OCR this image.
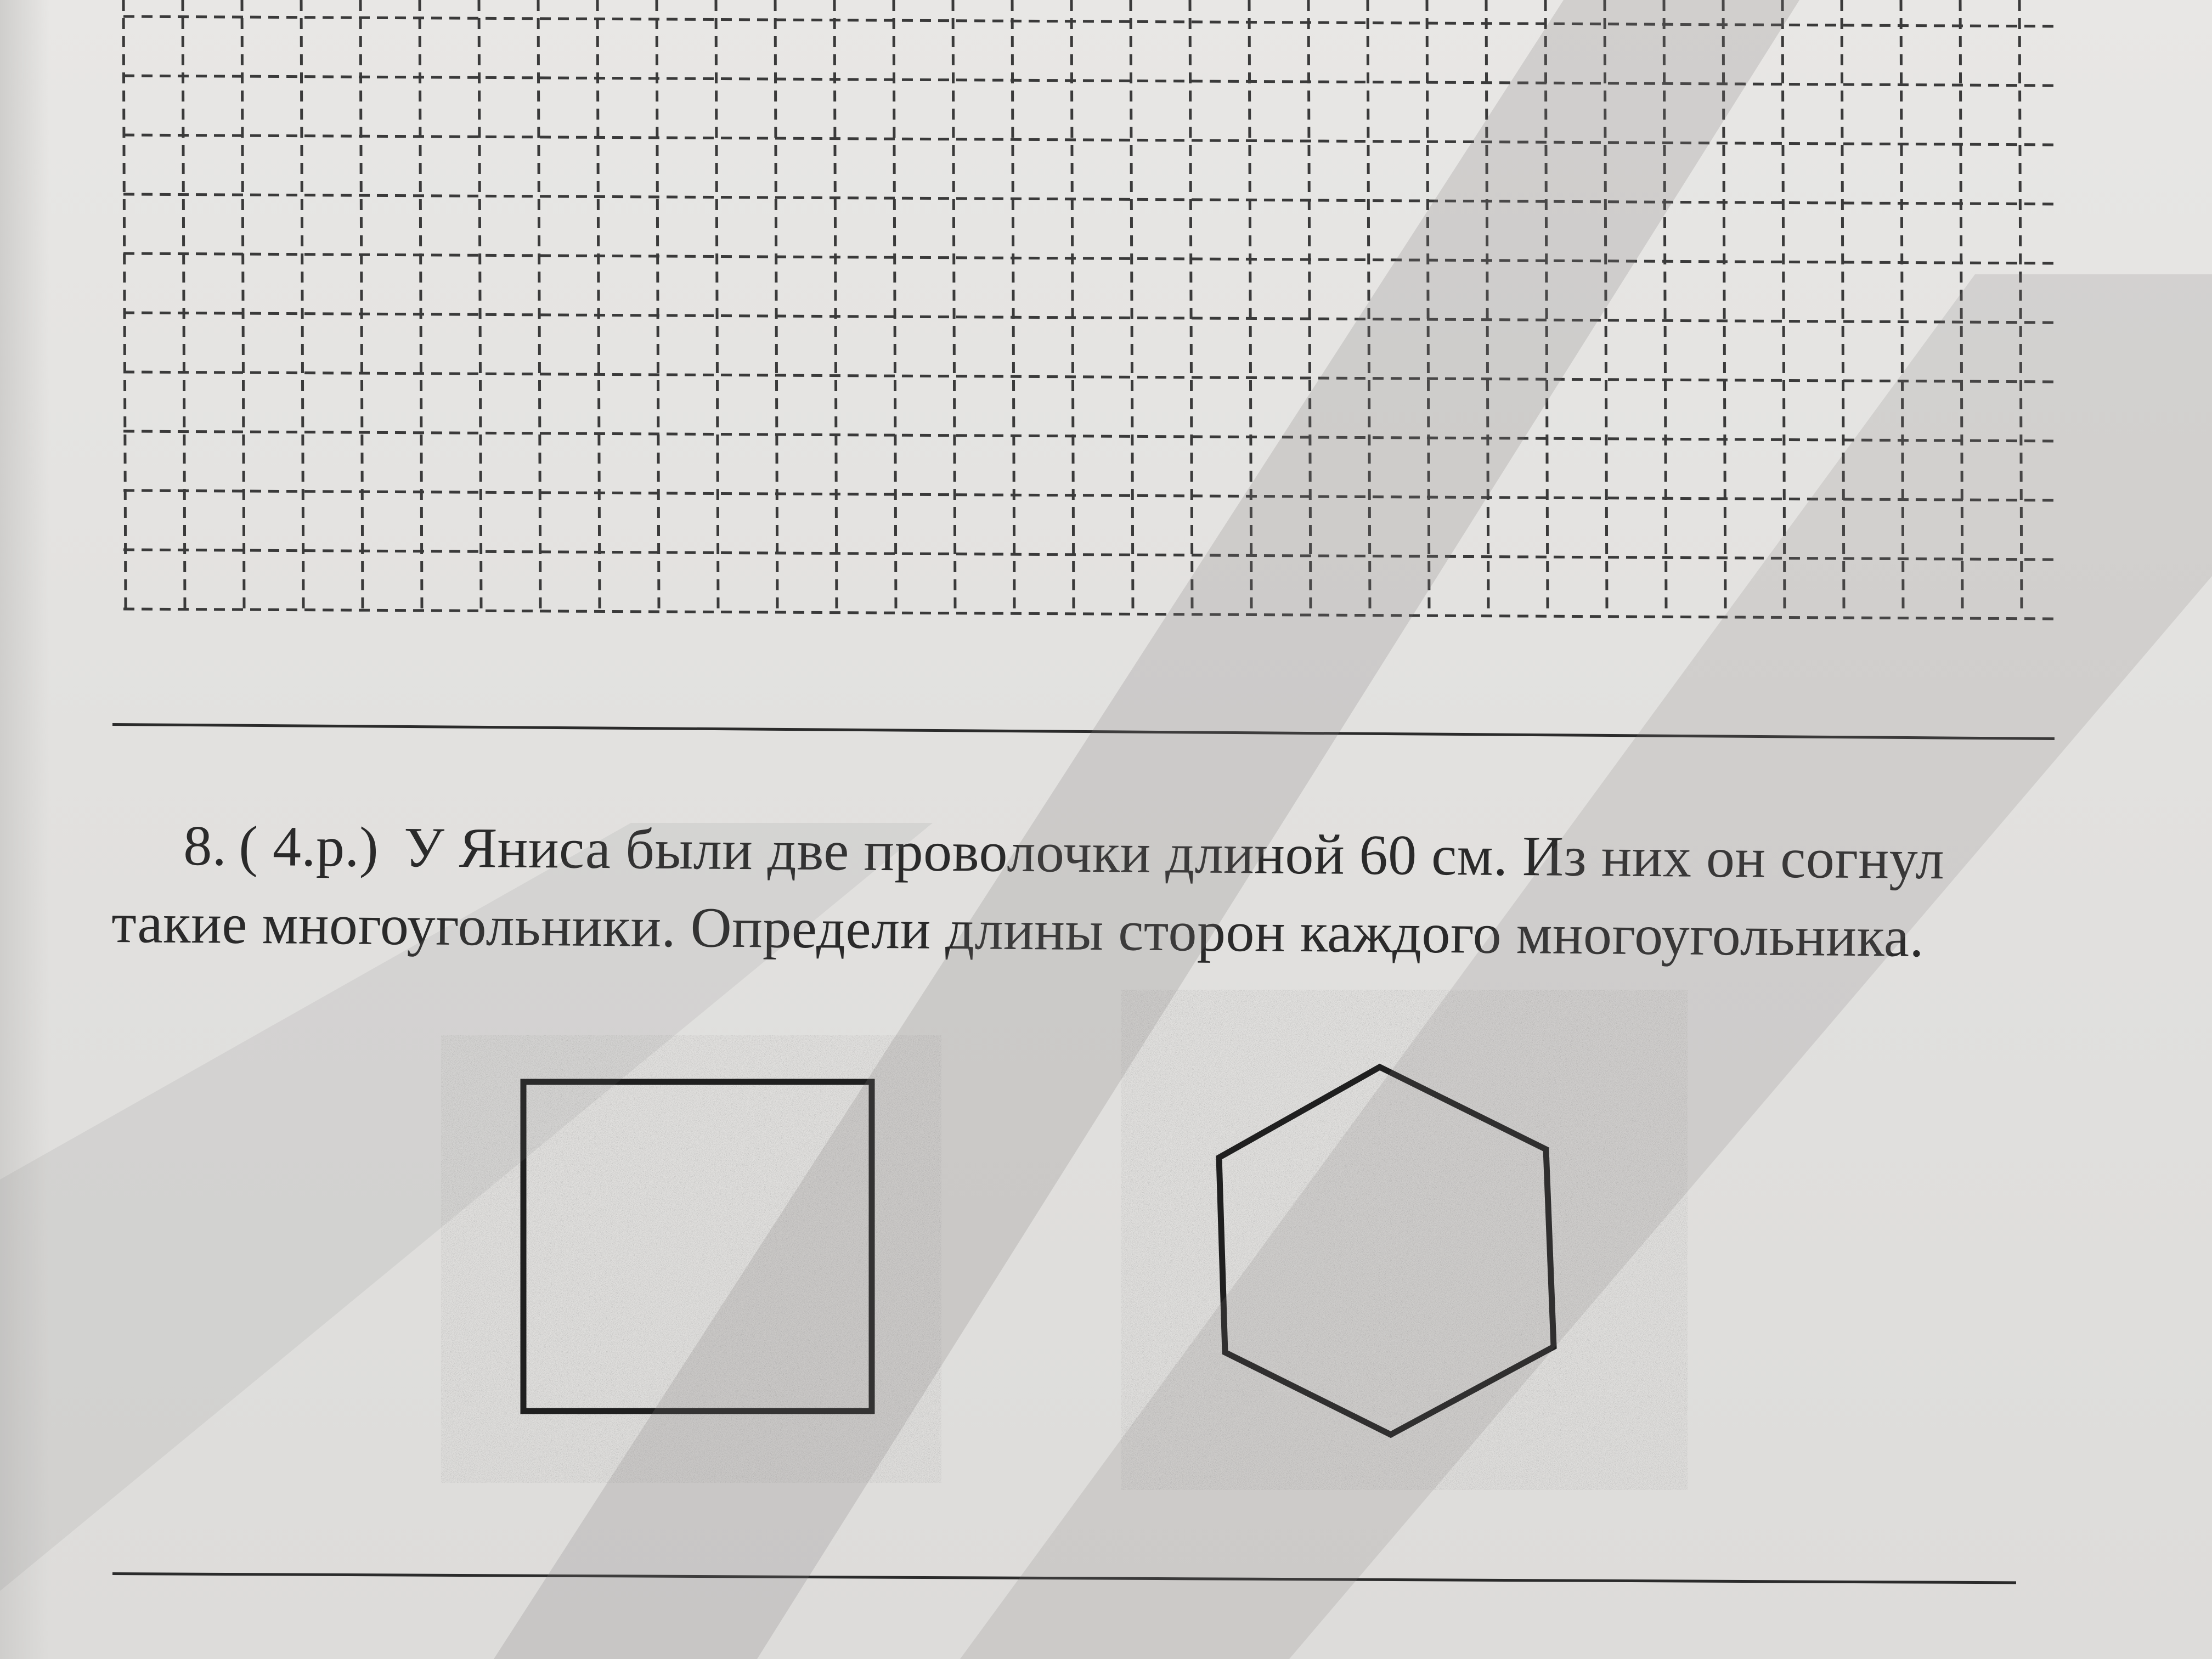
8. ( 4.р.) У Яниса были две проволочки длиной 60 см. Из них он согнул
такие многоугольники. Определи длины сторон каждого многоугольника.
